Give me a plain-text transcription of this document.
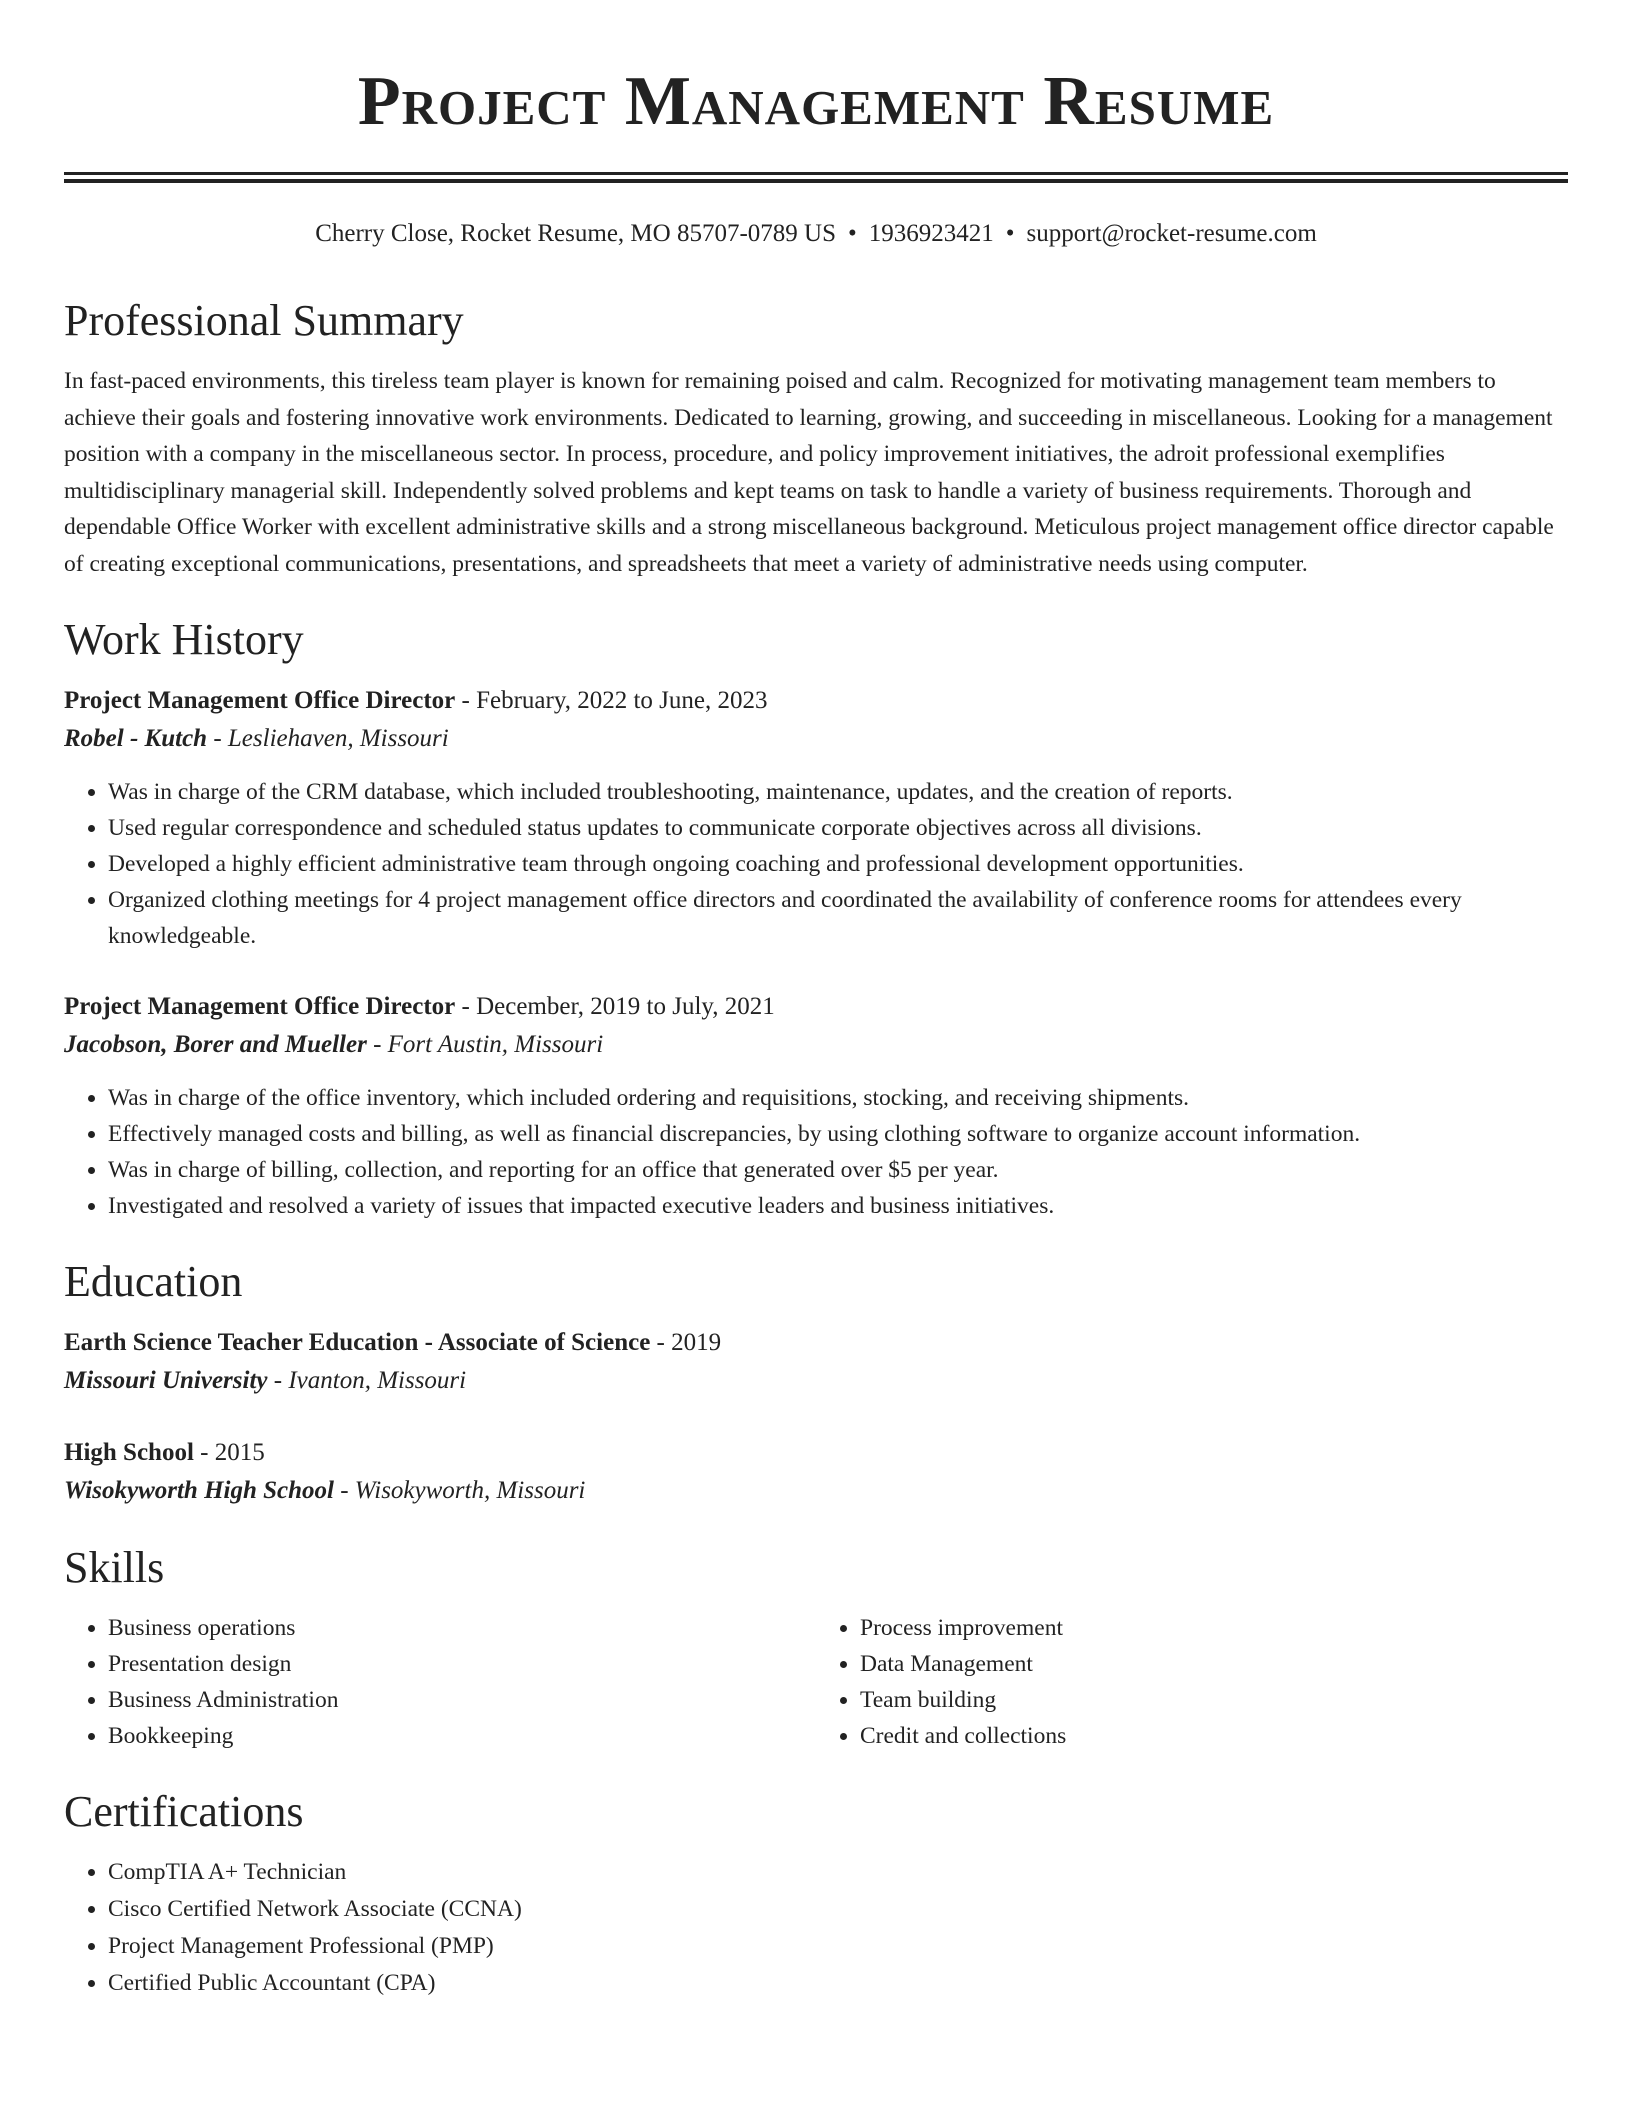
Project Management Resume
Cherry Close, Rocket Resume, MO 85707-0789 US • 1936923421 • support@rocket-resume.com
Professional Summary
In fast-paced environments, this tireless team player is known for remaining poised and calm. Recognized for motivating management team members to achieve their goals and fostering innovative work environments. Dedicated to learning, growing, and succeeding in miscellaneous. Looking for a management position with a company in the miscellaneous sector. In process, procedure, and policy improvement initiatives, the adroit professional exemplifies multidisciplinary managerial skill. Independently solved problems and kept teams on task to handle a variety of business requirements. Thorough and dependable Office Worker with excellent administrative skills and a strong miscellaneous background. Meticulous project management office director capable of creating exceptional communications, presentations, and spreadsheets that meet a variety of administrative needs using computer.
Work History
Project Management Office Director - February, 2022 to June, 2023
Robel - Kutch - Lesliehaven, Missouri
• Was in charge of the CRM database, which included troubleshooting, maintenance, updates, and the creation of reports.
• Used regular correspondence and scheduled status updates to communicate corporate objectives across all divisions.
• Developed a highly efficient administrative team through ongoing coaching and professional development opportunities.
• Organized clothing meetings for 4 project management office directors and coordinated the availability of conference rooms for attendees every knowledgeable.
Project Management Office Director - December, 2019 to July, 2021
Jacobson, Borer and Mueller - Fort Austin, Missouri
• Was in charge of the office inventory, which included ordering and requisitions, stocking, and receiving shipments.
• Effectively managed costs and billing, as well as financial discrepancies, by using clothing software to organize account information.
• Was in charge of billing, collection, and reporting for an office that generated over $5 per year.
• Investigated and resolved a variety of issues that impacted executive leaders and business initiatives.
Education
Earth Science Teacher Education - Associate of Science - 2019
Missouri University - Ivanton, Missouri
High School - 2015
Wisokyworth High School - Wisokyworth, Missouri
Skills
• Business operations
• Presentation design
• Business Administration
• Bookkeeping
• Process improvement
• Data Management
• Team building
• Credit and collections
Certifications
• CompTIA A+ Technician
• Cisco Certified Network Associate (CCNA)
• Project Management Professional (PMP)
• Certified Public Accountant (CPA)
